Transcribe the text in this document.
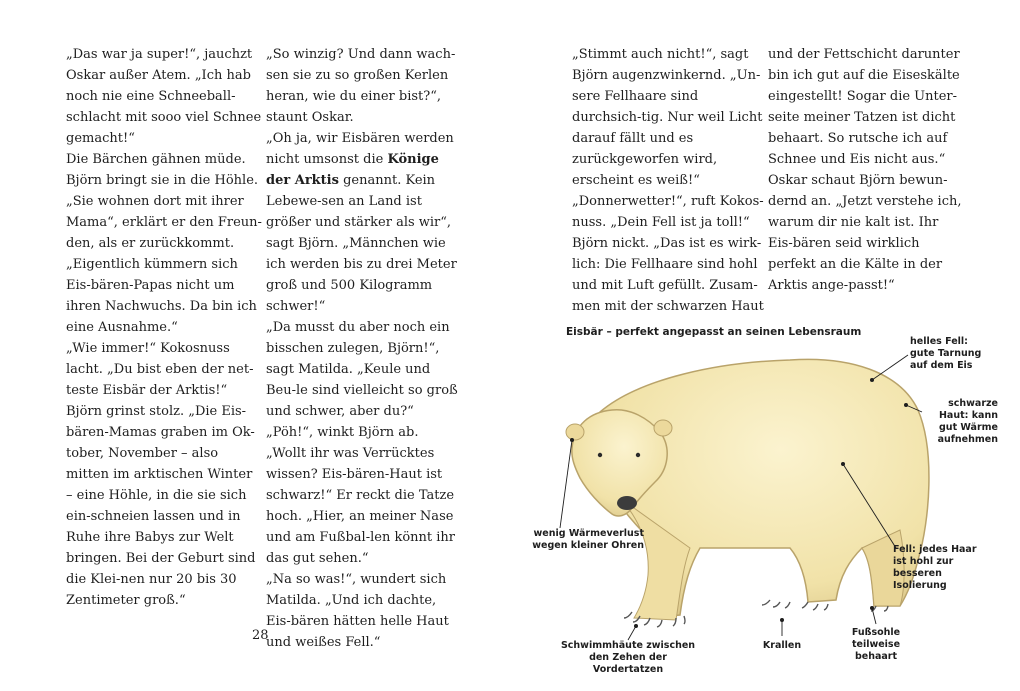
„Das war ja super!“, jauchzt Oskar außer Atem. „Ich hab noch nie eine Schneeball-schlacht mit sooo viel Schnee gemacht!“

Die Bärchen gähnen müde. Björn bringt sie in die Höhle. „Sie wohnen dort mit ihrer Mama“, erklärt er den Freun-den, als er zurückkommt. „Eigentlich kümmern sich Eis-bären-Papas nicht um ihren Nachwuchs. Da bin ich eine Ausnahme.“

„Wie immer!“ Kokosnuss lacht. „Du bist eben der net-teste Eisbär der Arktis!“

Björn grinst stolz. „Die Eis-bären-Mamas graben im Ok-tober, November – also mitten im arktischen Winter – eine Höhle, in die sie sich ein-schneien lassen und in Ruhe ihre Babys zur Welt bringen. Bei der Geburt sind die Klei-nen nur 20 bis 30 Zentimeter groß.“

„So winzig? Und dann wach-sen sie zu so großen Kerlen heran, wie du einer bist?“, staunt Oskar.

„Oh ja, wir Eisbären werden nicht umsonst die Könige der Arktis genannt. Kein Lebewe-sen an Land ist größer und stärker als wir“, sagt Björn. „Männchen wie ich werden bis zu drei Meter groß und 500 Kilogramm schwer!“

„Da musst du aber noch ein bisschen zulegen, Björn!“, sagt Matilda. „Keule und Beu-le sind vielleicht so groß und schwer, aber du?“

„Pöh!“, winkt Björn ab. „Wollt ihr was Verrücktes wissen? Eis-bären-Haut ist schwarz!“ Er reckt die Tatze hoch. „Hier, an meiner Nase und am Fußbal-len könnt ihr das gut sehen.“

„Na so was!“, wundert sich Matilda. „Und ich dachte, Eis-bären hätten helle Haut und weißes Fell.“

28

„Stimmt auch nicht!“, sagt Björn augenzwinkernd. „Un-sere Fellhaare sind durchsich-tig. Nur weil Licht darauf fällt und es zurückgeworfen wird, erscheint es weiß!“

„Donnerwetter!“, ruft Kokos-nuss. „Dein Fell ist ja toll!“

Björn nickt. „Das ist es wirk-lich: Die Fellhaare sind hohl und mit Luft gefüllt. Zusam-men mit der schwarzen Haut

und der Fettschicht darunter bin ich gut auf die Eiseskälte eingestellt! Sogar die Unter-seite meiner Tatzen ist dicht behaart. So rutsche ich auf Schnee und Eis nicht aus.“

Oskar schaut Björn bewun-dernd an. „Jetzt verstehe ich, warum dir nie kalt ist. Ihr Eis-bären seid wirklich perfekt an die Kälte in der Arktis ange-passt!“

Eisbär – perfekt angepasst an seinen Lebensraum
helles Fell: gute Tarnung auf dem Eis
schwarze Haut: kann gut Wärme aufnehmen
wenig Wärmeverlust wegen kleiner Ohren	Fell: jedes Haar ist hohl zur besseren Isolierung
Schwimmhäute zwischen den Zehen der Vordertatzen
Krallen
Fußsohle teilweise behaart
